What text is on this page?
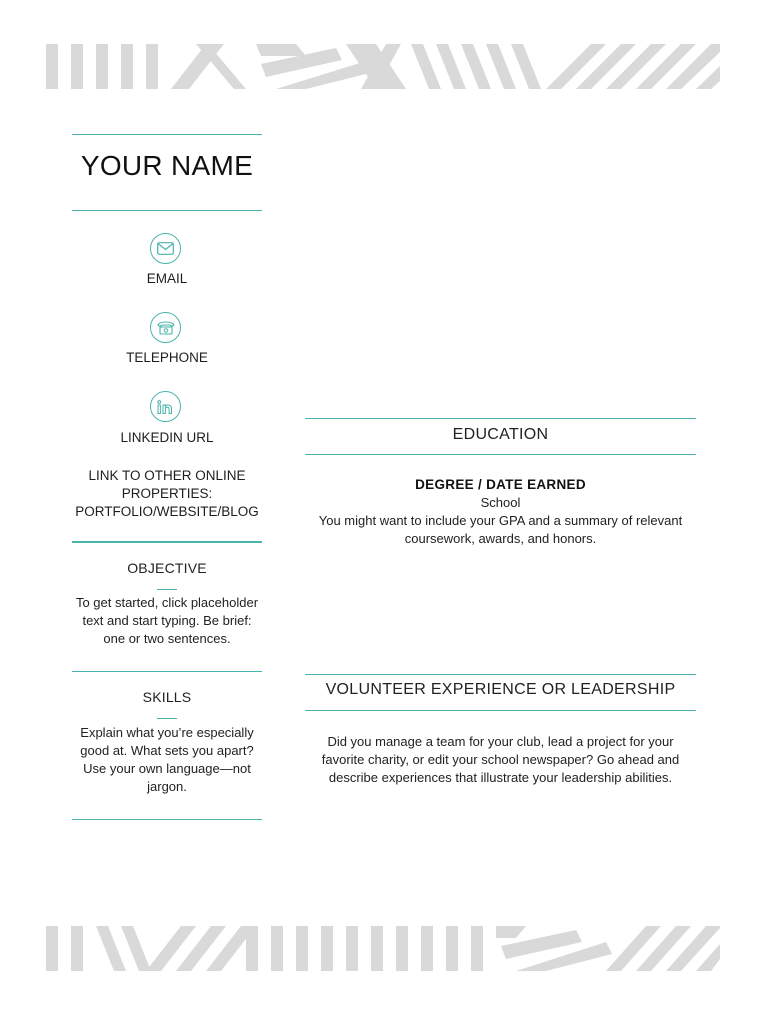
YOUR NAME
EMAIL
TELEPHONE
LINKEDIN URL
LINK TO OTHER ONLINE
PROPERTIES:
PORTFOLIO/WEBSITE/BLOG
OBJECTIVE
To get started, click placeholder
text and start typing. Be brief:
one or two sentences.
SKILLS
Explain what you’re especially
good at. What sets you apart?
Use your own language—not
jargon.
EDUCATION
DEGREE / DATE EARNED
School
You might want to include your GPA and a summary of relevant
coursework, awards, and honors.
VOLUNTEER EXPERIENCE OR LEADERSHIP
Did you manage a team for your club, lead a project for your
favorite charity, or edit your school newspaper? Go ahead and
describe experiences that illustrate your leadership abilities.
